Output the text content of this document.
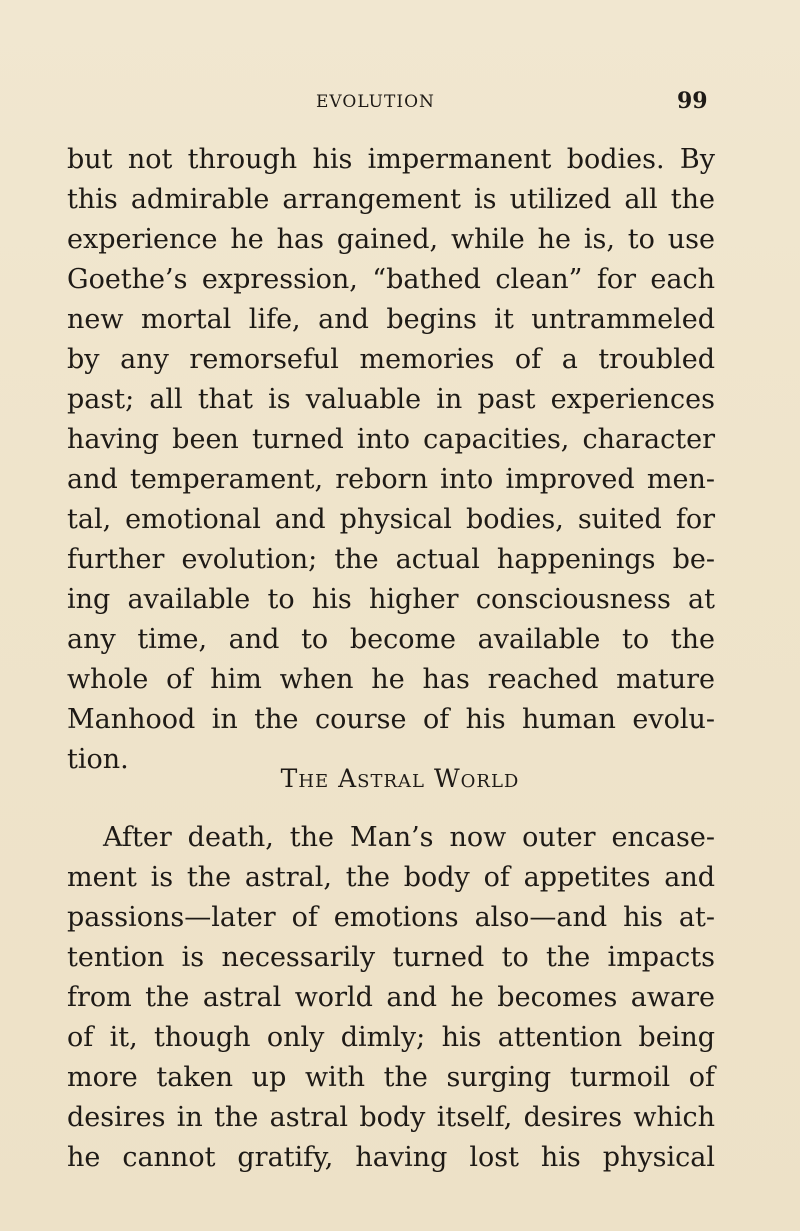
EVOLUTION	99
but not through his impermanent bodies. By
this admirable arrangement is utilized all the
experience he has gained, while he is, to use
Goethe’s expression, “bathed clean” for each
new mortal life, and begins it untrammeled
by any remorseful memories of a troubled
past; all that is valuable in past experiences
having been turned into capacities, character
and temperament, reborn into improved men-
tal, emotional and physical bodies, suited for
further evolution; the actual happenings be-
ing available to his higher consciousness at
any time, and to become available to the
whole of him when he has reached mature
Manhood in the course of his human evolu-
tion.
The Astral World
After death, the Man’s now outer encase-
ment is the astral, the body of appetites and
passions—later of emotions also—and his at-
tention is necessarily turned to the impacts
from the astral world and he becomes aware
of it, though only dimly; his attention being
more taken up with the surging turmoil of
desires in the astral body itself, desires which
he cannot gratify, having lost his physical
